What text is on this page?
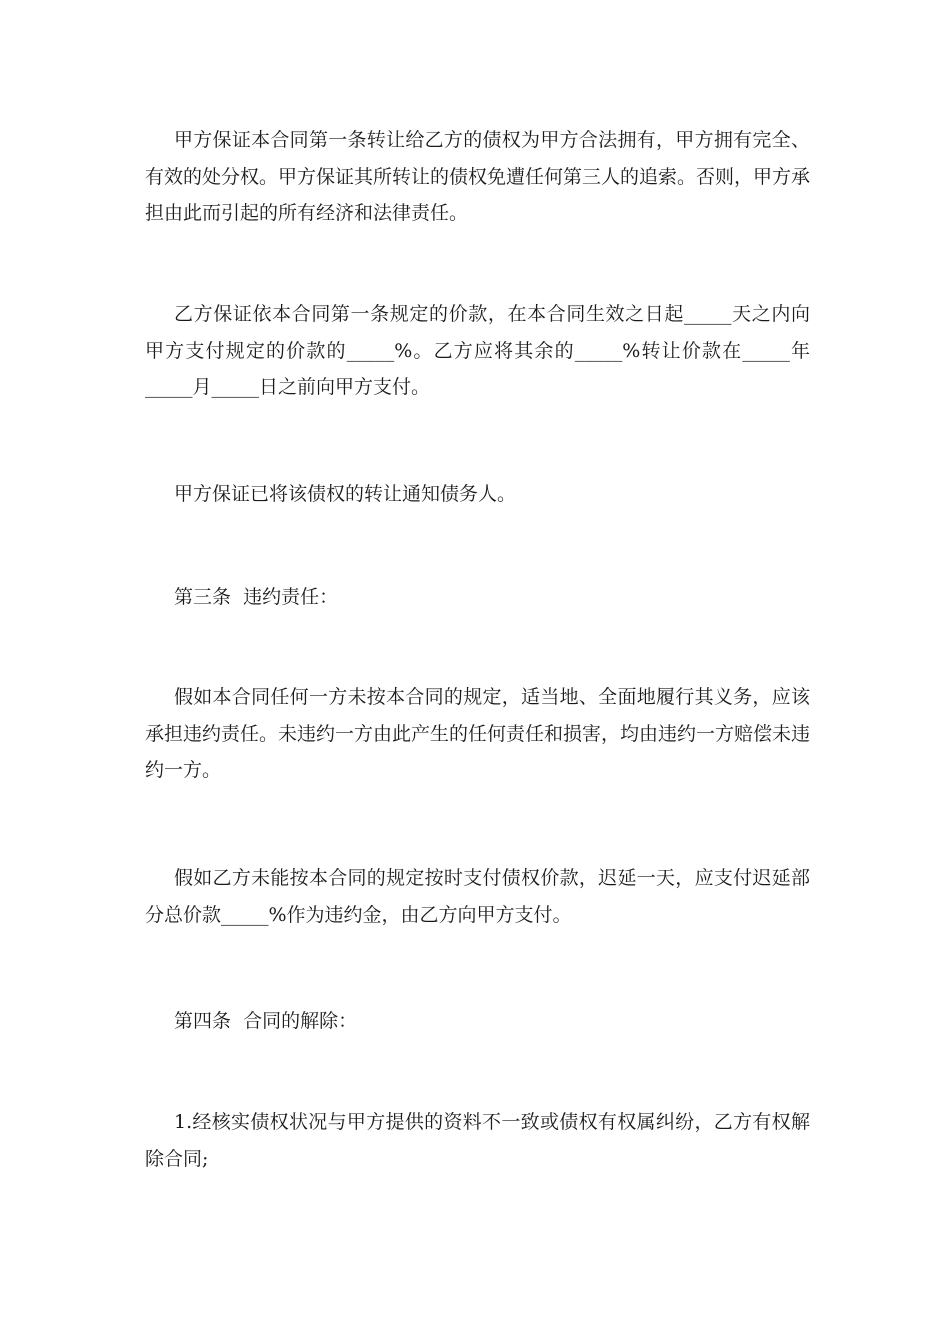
甲方保证本合同第一条转让给乙方的债权为甲方合法拥有，甲方拥有完全、有效的处分权。甲方保证其所转让的债权免遭任何第三人的追索。否则，甲方承担由此而引起的所有经济和法律责任。

乙方保证依本合同第一条规定的价款，在本合同生效之日起_____天之内向甲方支付规定的价款的_____%。乙方应将其余的_____%转让价款在_____年 _____月_____日之前向甲方支付。

甲方保证已将该债权的转让通知债务人。

第三条  违约责任：

假如本合同任何一方未按本合同的规定，适当地、全面地履行其义务，应该承担违约责任。未违约一方由此产生的任何责任和损害，均由违约一方赔偿未违约一方。

假如乙方未能按本合同的规定按时支付债权价款，迟延一天，应支付迟延部分总价款_____%作为违约金，由乙方向甲方支付。

第四条  合同的解除：

1.经核实债权状况与甲方提供的资料不一致或债权有权属纠纷，乙方有权解除合同;
